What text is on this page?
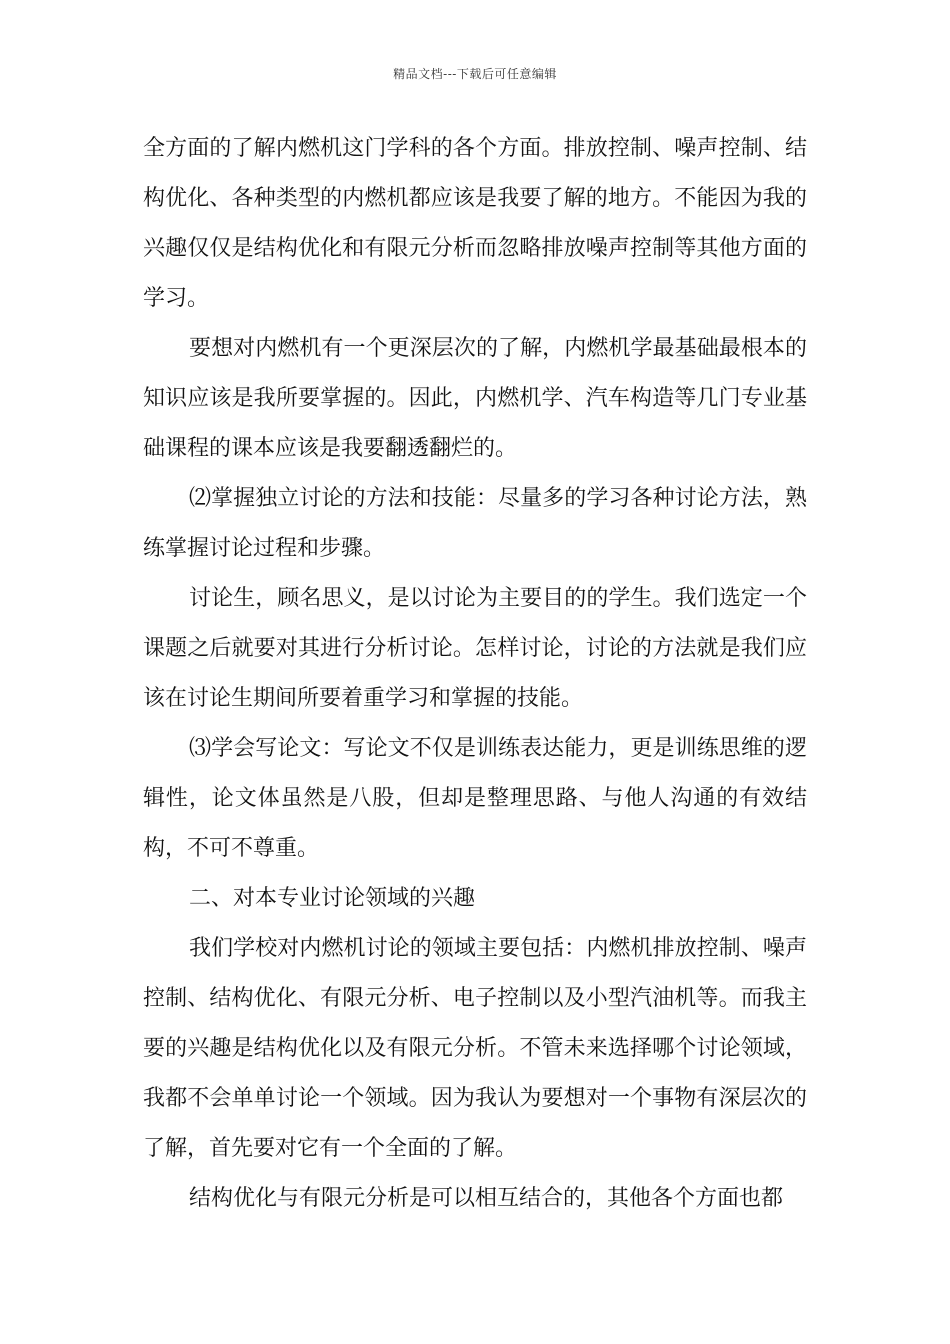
精品文档---下载后可任意编辑

全方面的了解内燃机这门学科的各个方面。排放控制、噪声控制、结构优化、各种类型的内燃机都应该是我要了解的地方。不能因为我的兴趣仅仅是结构优化和有限元分析而忽略排放噪声控制等其他方面的学习。

要想对内燃机有一个更深层次的了解，内燃机学最基础最根本的知识应该是我所要掌握的。因此，内燃机学、汽车构造等几门专业基础课程的课本应该是我要翻透翻烂的。

⑵掌握独立讨论的方法和技能：尽量多的学习各种讨论方法，熟练掌握讨论过程和步骤。

讨论生，顾名思义，是以讨论为主要目的的学生。我们选定一个课题之后就要对其进行分析讨论。怎样讨论，讨论的方法就是我们应该在讨论生期间所要着重学习和掌握的技能。

⑶学会写论文：写论文不仅是训练表达能力，更是训练思维的逻辑性，论文体虽然是八股，但却是整理思路、与他人沟通的有效结构，不可不尊重。

二、对本专业讨论领域的兴趣

我们学校对内燃机讨论的领域主要包括：内燃机排放控制、噪声控制、结构优化、有限元分析、电子控制以及小型汽油机等。而我主要的兴趣是结构优化以及有限元分析。不管未来选择哪个讨论领域，我都不会单单讨论一个领域。因为我认为要想对一个事物有深层次的了解，首先要对它有一个全面的了解。

结构优化与有限元分析是可以相互结合的，其他各个方面也都
